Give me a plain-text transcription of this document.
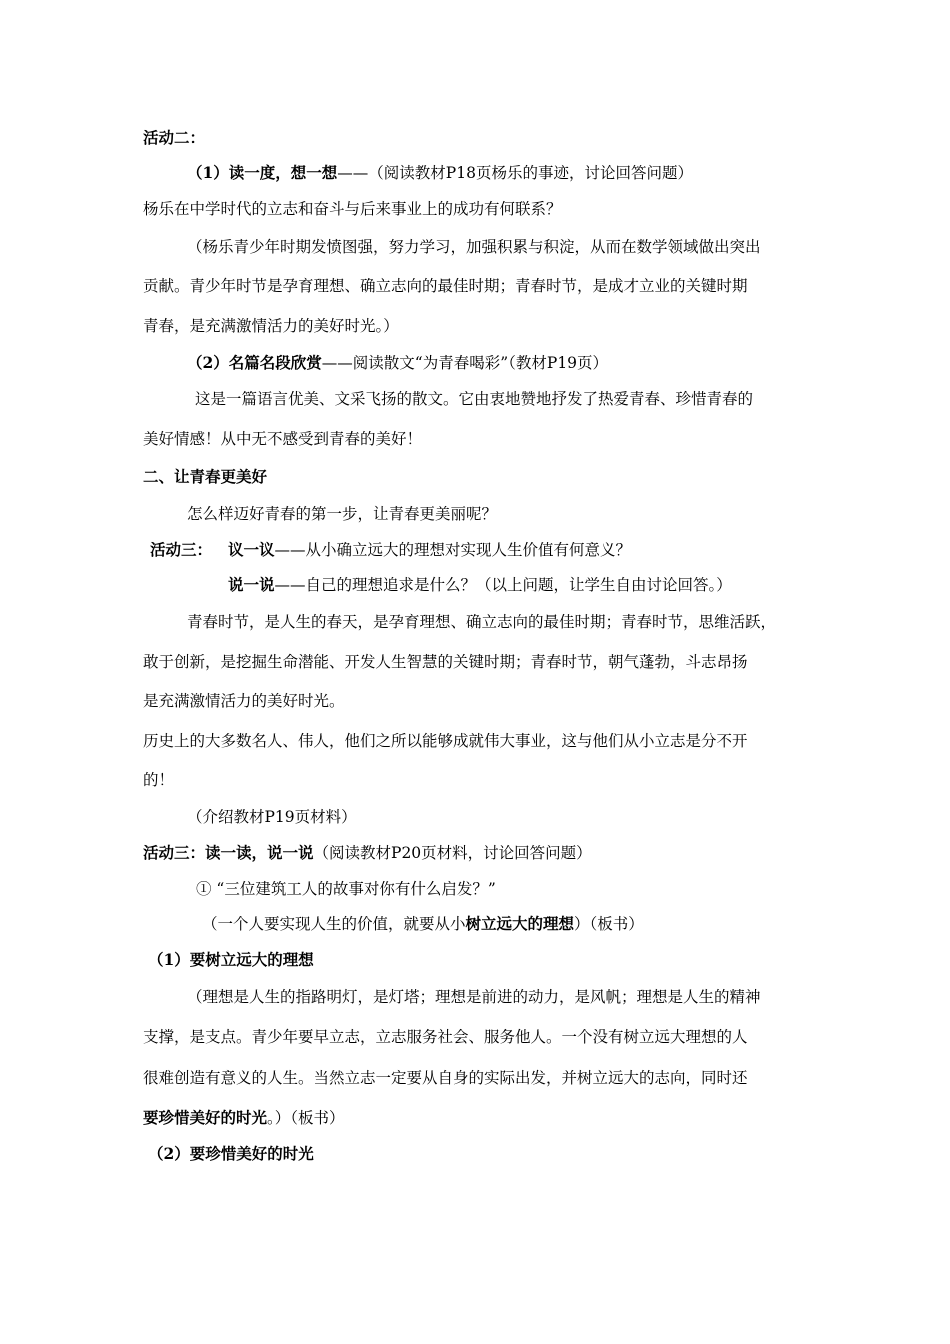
活动二：
（1）读一度，想一想——（阅读教材P18页杨乐的事迹，讨论回答问题）
杨乐在中学时代的立志和奋斗与后来事业上的成功有何联系？
（杨乐青少年时期发愤图强，努力学习，加强积累与积淀，从而在数学领域做出突出
贡献。青少年时节是孕育理想、确立志向的最佳时期；青春时节，是成才立业的关键时期
青春，是充满激情活力的美好时光。）
（2）名篇名段欣赏——阅读散文“为青春喝彩”（教材P19页）
这是一篇语言优美、文采飞扬的散文。它由衷地赞地抒发了热爱青春、珍惜青春的
美好情感！从中无不感受到青春的美好！
二、让青春更美好
怎么样迈好青春的第一步，让青春更美丽呢？
活动三： 议一议——从小确立远大的理想对实现人生价值有何意义？
说一说——自己的理想追求是什么？（以上问题，让学生自由讨论回答。）
青春时节，是人生的春天，是孕育理想、确立志向的最佳时期；青春时节，思维活跃，
敢于创新，是挖掘生命潜能、开发人生智慧的关键时期；青春时节，朝气蓬勃，斗志昂扬
是充满激情活力的美好时光。
历史上的大多数名人、伟人，他们之所以能够成就伟大事业，这与他们从小立志是分不开
的！
（介绍教材P19页材料）
活动三：读一读，说一说（阅读教材P20页材料，讨论回答问题）
① “三位建筑工人的故事对你有什么启发？”
（一个人要实现人生的价值，就要从小树立远大的理想）（板书）
（1）要树立远大的理想
（理想是人生的指路明灯，是灯塔；理想是前进的动力，是风帆；理想是人生的精神
支撑，是支点。青少年要早立志，立志服务社会、服务他人。一个没有树立远大理想的人
很难创造有意义的人生。当然立志一定要从自身的实际出发，并树立远大的志向，同时还
要珍惜美好的时光。）（板书）
（2）要珍惜美好的时光
